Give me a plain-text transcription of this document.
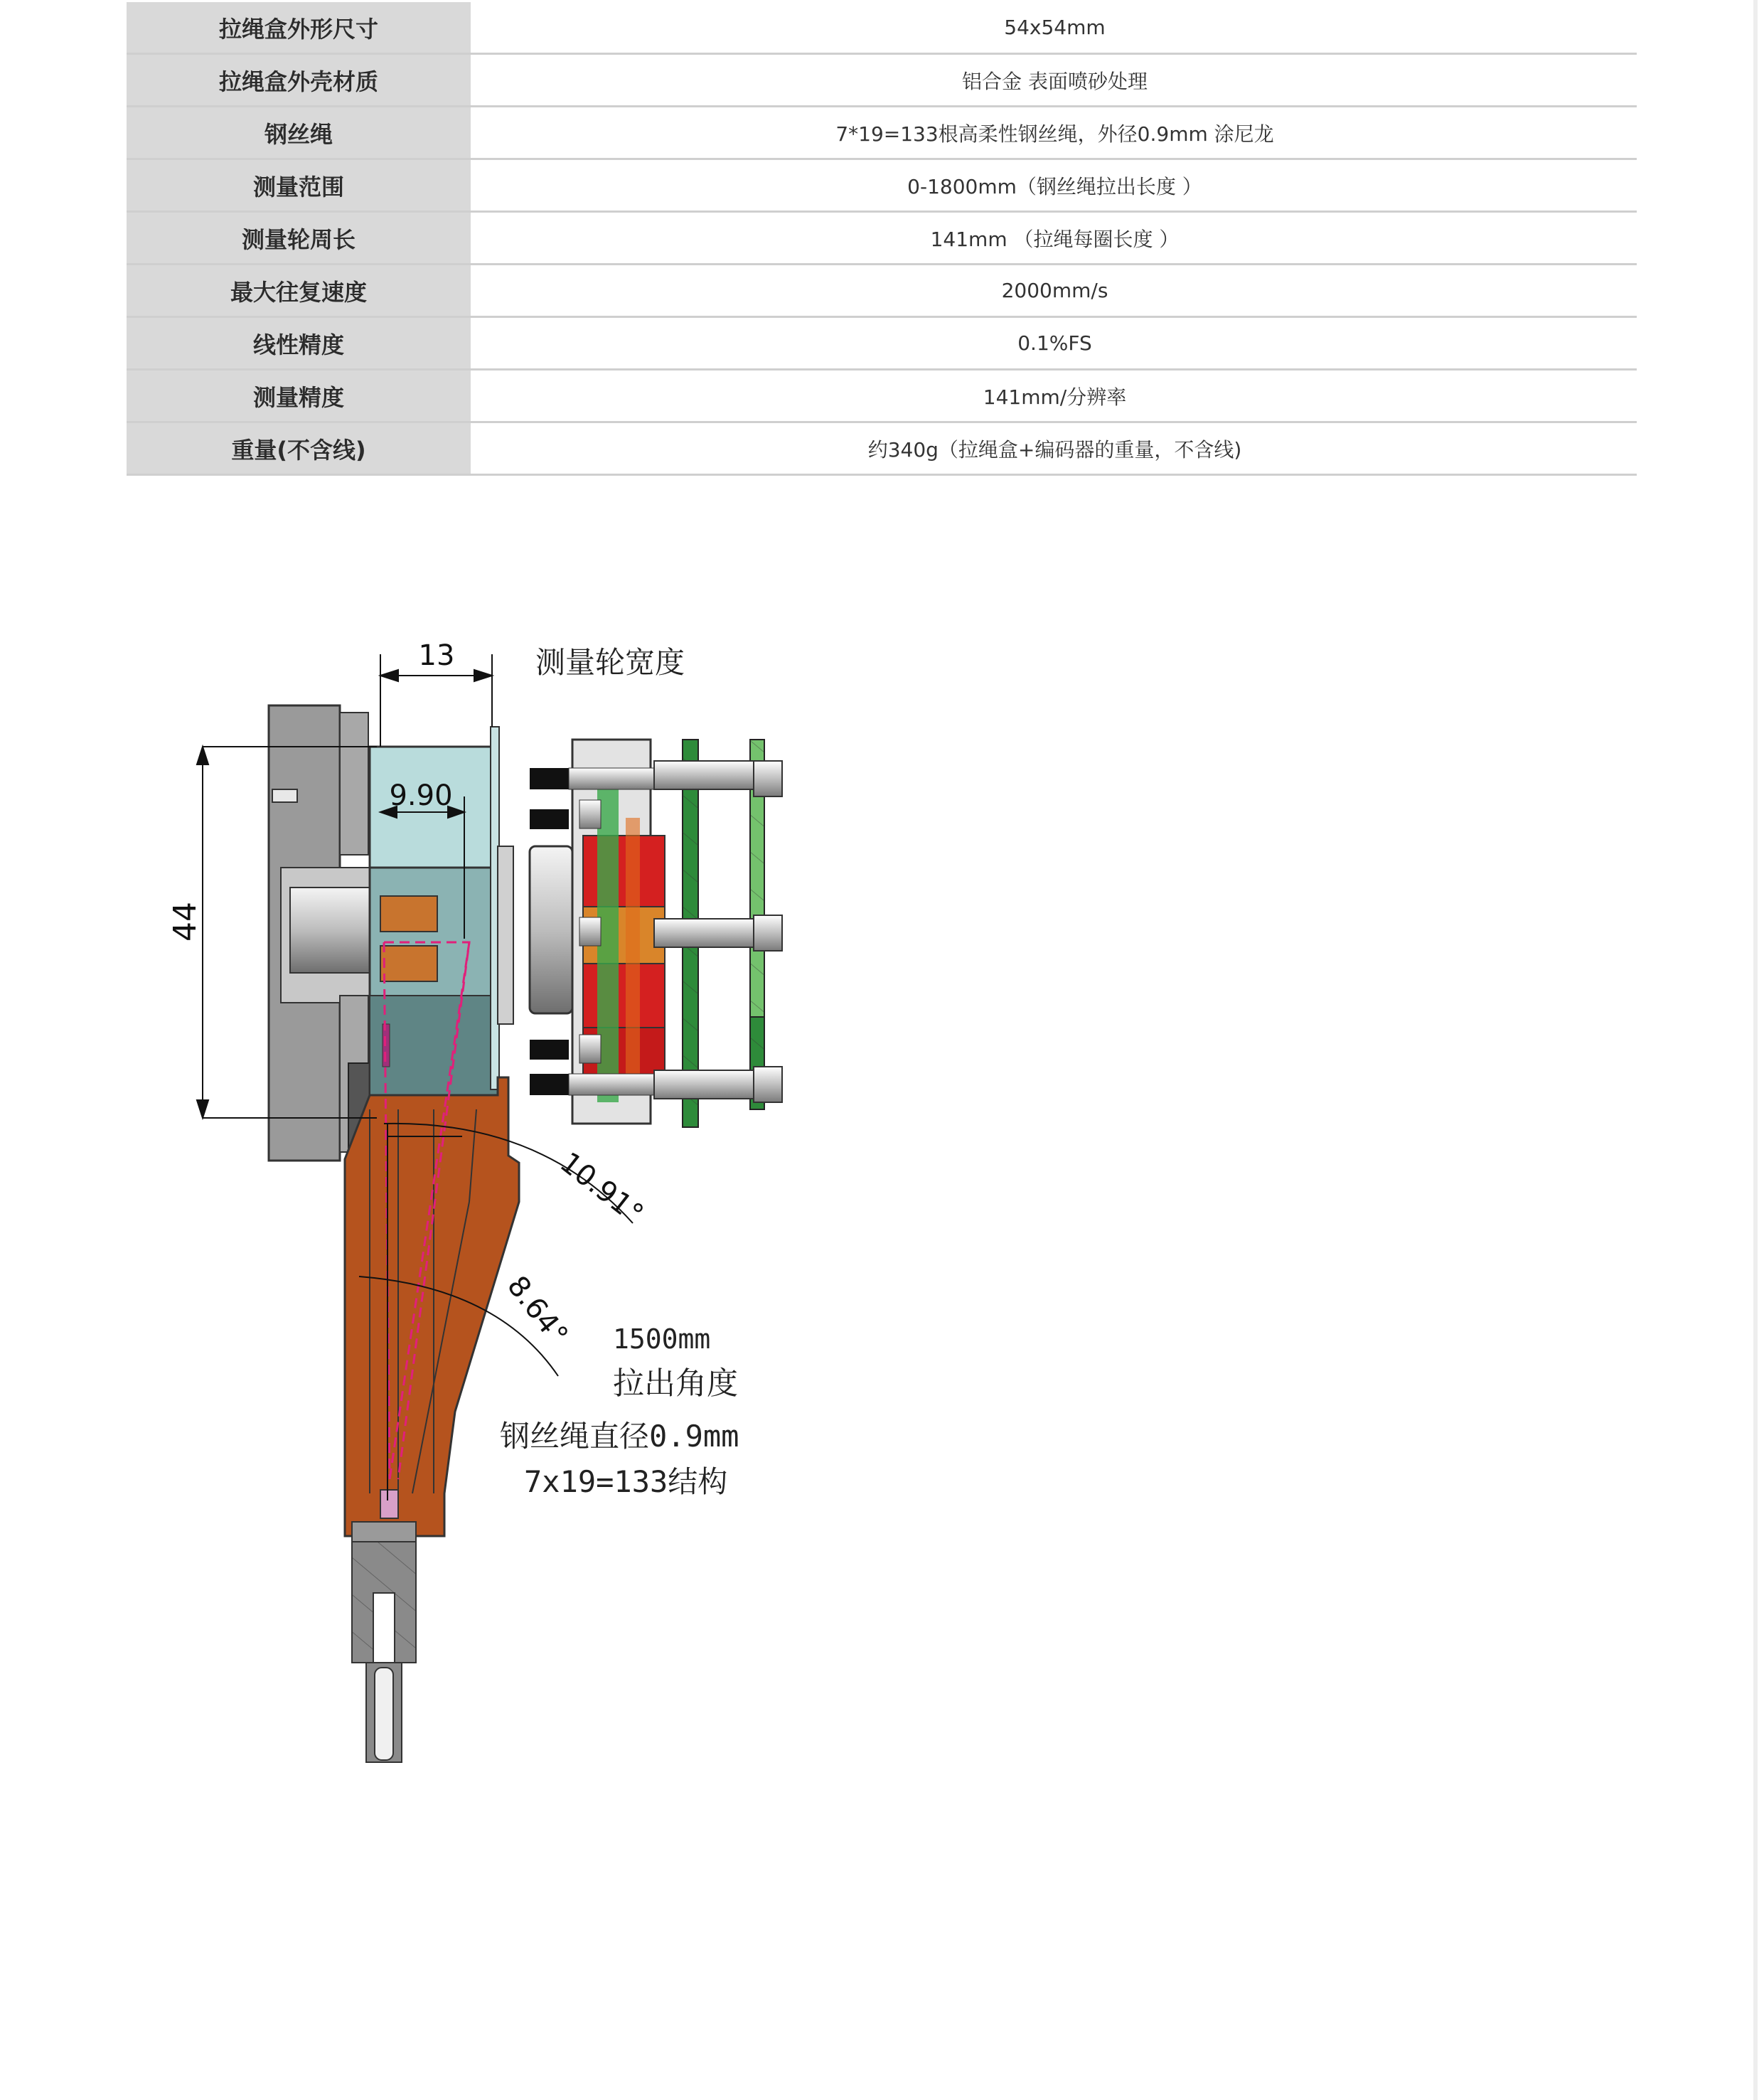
拉绳盒外形尺寸	54x54mm
拉绳盒外壳材质	铝合金 表面喷砂处理
钢丝绳	7*19=133根高柔性钢丝绳，外径0.9mm 涂尼龙
测量范围	0-1800mm（钢丝绳拉出长度 ）
测量轮周长	141mm （拉绳每圈长度 ）
最大往复速度	2000mm/s
线性精度	0.1%FS
测量精度	141mm/分辨率
重量(不含线)	约340g（拉绳盒+编码器的重量，不含线)
13	测量轮宽度
9.90
44
10.91°
8.64° 1500mm
拉出角度
钢丝绳直径0.9mm
7x19=133结构
